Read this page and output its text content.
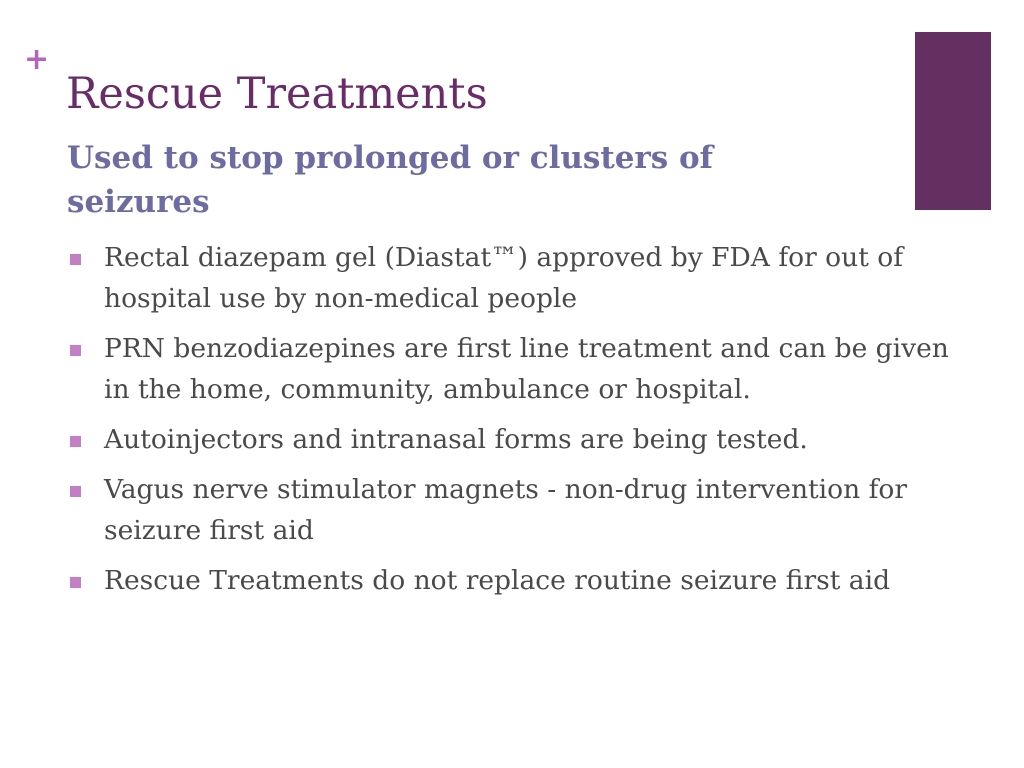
+
Rescue Treatments
Used to stop prolonged or clusters of seizures
Rectal diazepam gel (Diastat™) approved by FDA for out of hospital use by non-medical people
PRN benzodiazepines are first line treatment and can be given in the home, community, ambulance or hospital.
Autoinjectors and intranasal forms are being tested.
Vagus nerve stimulator magnets - non-drug intervention for seizure first aid
Rescue Treatments do not replace routine seizure first aid
